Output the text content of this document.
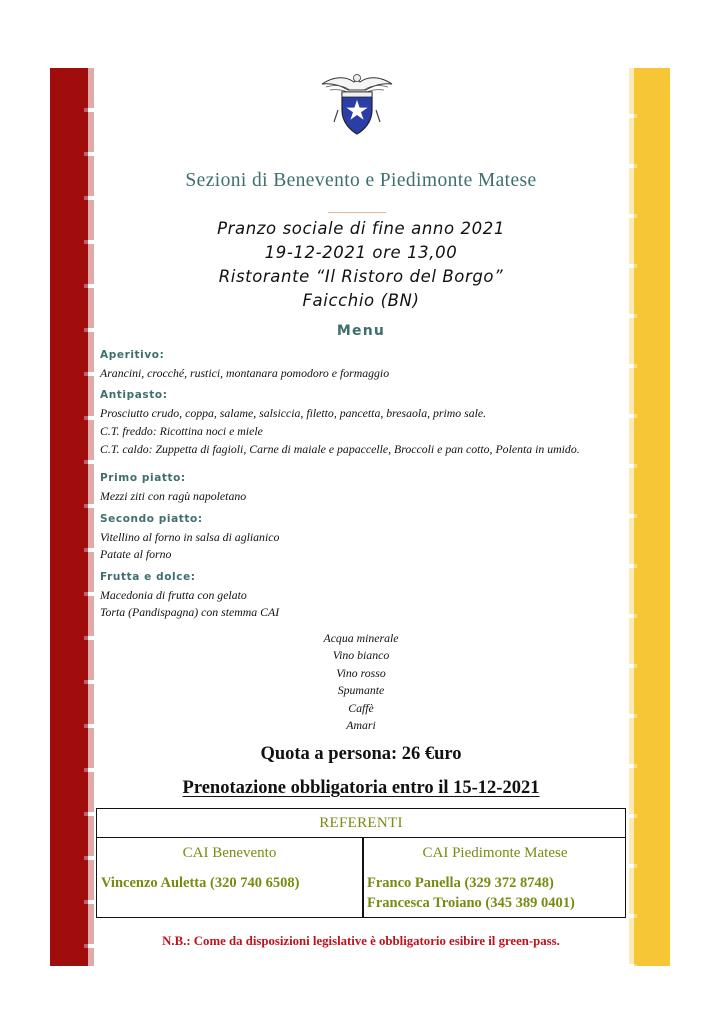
Sezioni di Benevento e Piedimonte Matese
Pranzo sociale di fine anno 2021
19-12-2021 ore 13,00
Ristorante “Il Ristoro del Borgo”
Faicchio (BN)
Menu
Aperitivo:
Arancini, crocché, rustici, montanara pomodoro e formaggio
Antipasto:
Prosciutto crudo, coppa, salame, salsiccia, filetto, pancetta, bresaola, primo sale.
C.T. freddo: Ricottina noci e miele
C.T. caldo: Zuppetta di fagioli, Carne di maiale e papaccelle, Broccoli e pan cotto, Polenta in umido.
Primo piatto:
Mezzi ziti con ragù napoletano
Secondo piatto:
Vitellino al forno in salsa di aglianico
Patate al forno
Frutta e dolce:
Macedonia di frutta con gelato
Torta (Pandispagna) con stemma CAI
Acqua minerale
Vino bianco
Vino rosso
Spumante
Caffè
Amari
Quota a persona: 26 €uro
Prenotazione obbligatoria entro il 15-12-2021
REFERENTI
CAI Benevento
Vincenzo Auletta (320 740 6508)
CAI Piedimonte Matese
Franco Panella (329 372 8748)
Francesca Troiano (345 389 0401)
N.B.: Come da disposizioni legislative è obbligatorio esibire il green-pass.
